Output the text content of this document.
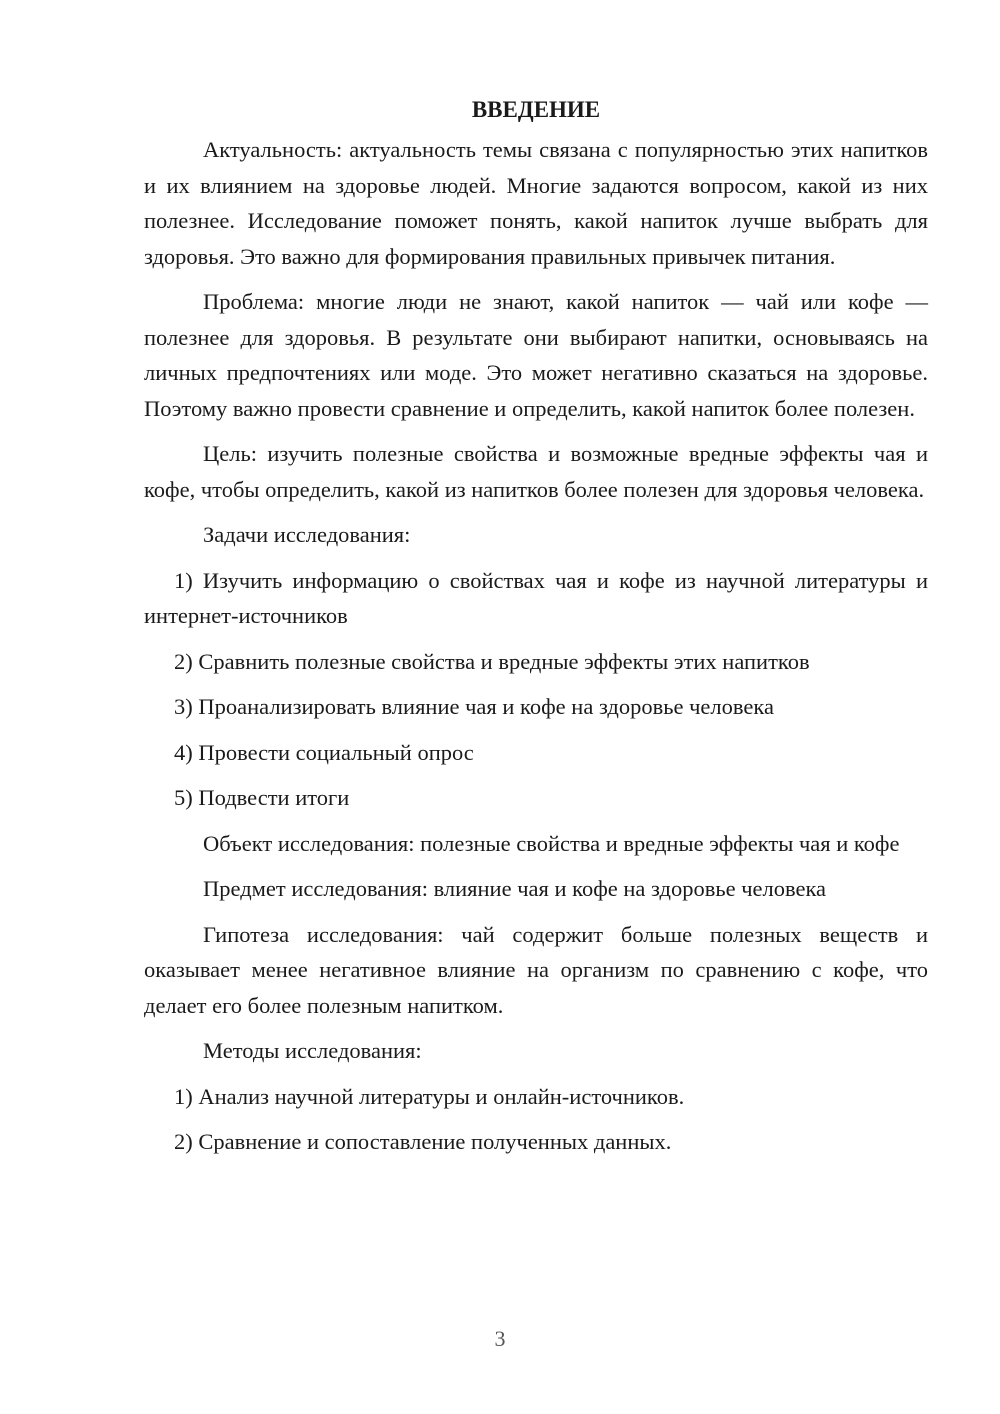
ВВЕДЕНИЕ

Актуальность: актуальность темы связана с популярностью этих напитков и их влиянием на здоровье людей. Многие задаются вопросом, какой из них полезнее. Исследование поможет понять, какой напиток лучше выбрать для здоровья. Это важно для формирования правильных привычек питания.

Проблема: многие люди не знают, какой напиток — чай или кофе — полезнее для здоровья. В результате они выбирают напитки, основываясь на личных предпочтениях или моде. Это может негативно сказаться на здоровье. Поэтому важно провести сравнение и определить, какой напиток более полезен.

Цель: изучить полезные свойства и возможные вредные эффекты чая и кофе, чтобы определить, какой из напитков более полезен для здоровья человека.

Задачи исследования:

1) Изучить информацию о свойствах чая и кофе из научной литературы и интернет-источников

2) Сравнить полезные свойства и вредные эффекты этих напитков

3) Проанализировать влияние чая и кофе на здоровье человека

4) Провести социальный опрос

5) Подвести итоги

Объект исследования: полезные свойства и вредные эффекты чая и кофе

Предмет исследования: влияние чая и кофе на здоровье человека

Гипотеза исследования: чай содержит больше полезных веществ и оказывает менее негативное влияние на организм по сравнению с кофе, что делает его более полезным напитком.

Методы исследования:

1) Анализ научной литературы и онлайн-источников.

2) Сравнение и сопоставление полученных данных.

3
